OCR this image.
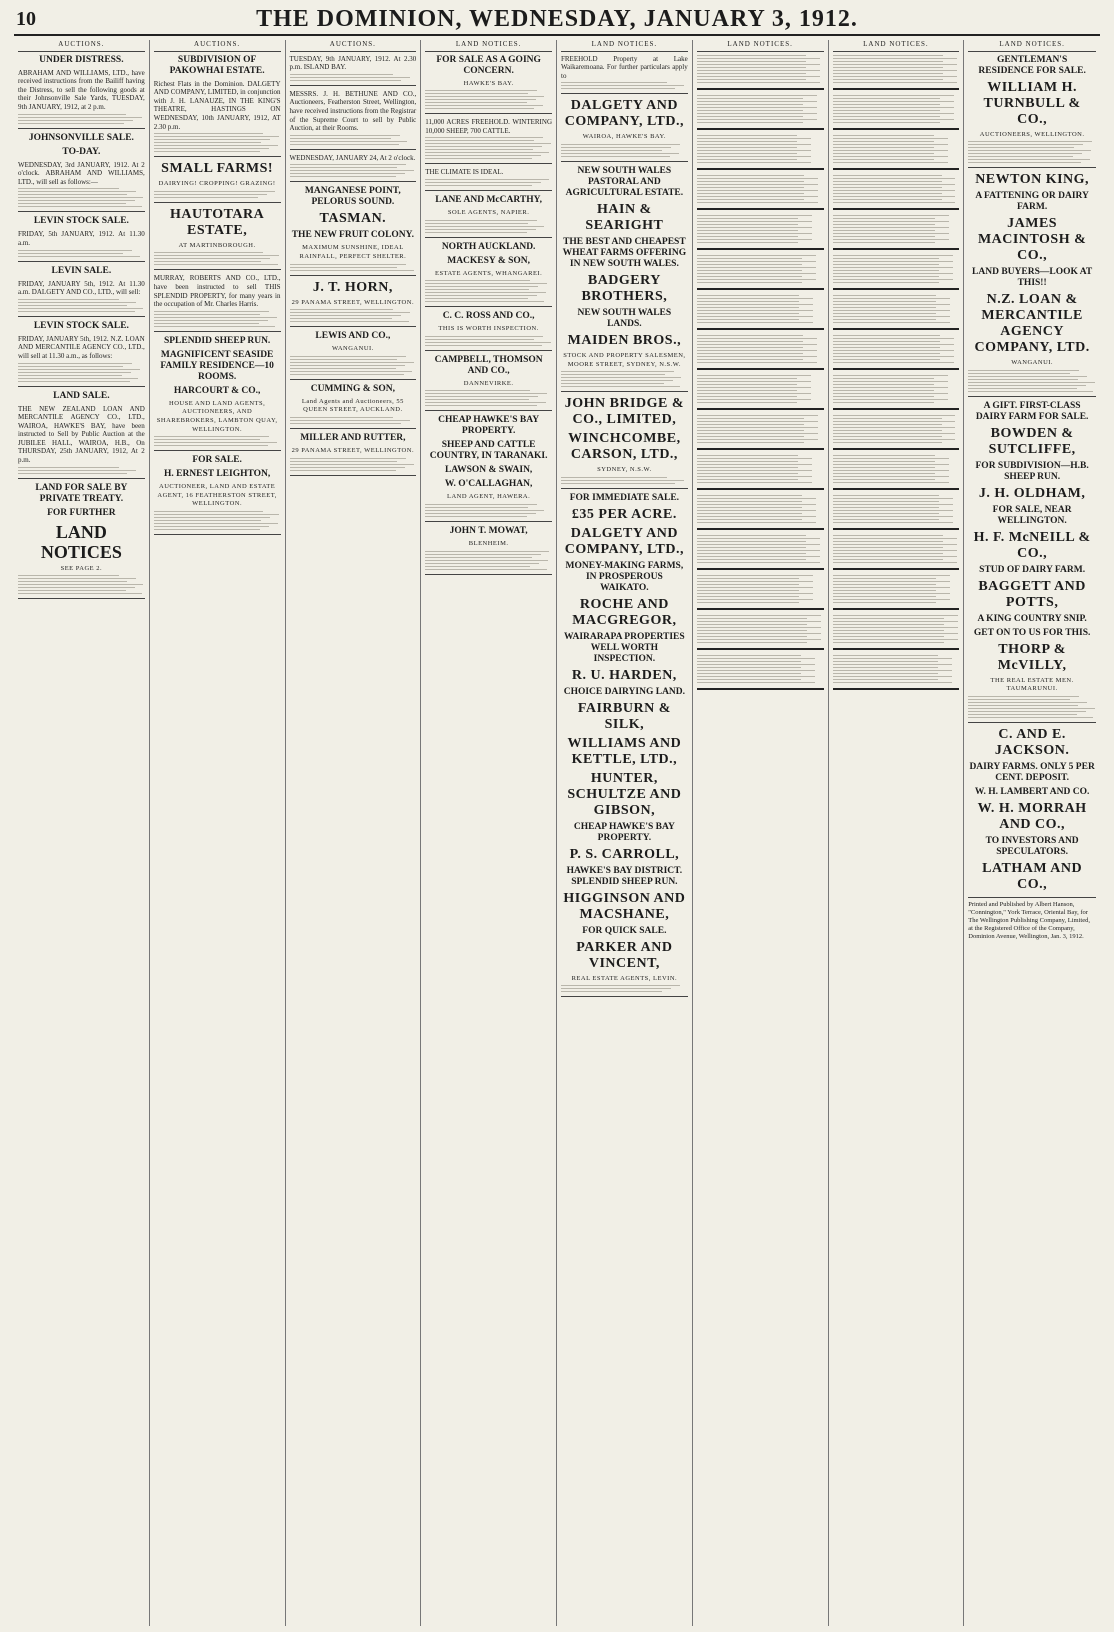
10	THE DOMINION, WEDNESDAY, JANUARY 3, 1912.
AUCTIONS.
UNDER DISTRESS.
ABRAHAM AND WILLIAMS, LTD., have received instructions from the Bailiff having the Distress, to sell the following goods at their Johnsonville Sale Yards, TUESDAY, 9th JANUARY, 1912, at 2 p.m.
JOHNSONVILLE SALE.
TO-DAY.
WEDNESDAY, 3rd JANUARY, 1912. At 2 o'clock. ABRAHAM AND WILLIAMS, LTD., will sell as follows:—
LEVIN STOCK SALE.
FRIDAY, 5th JANUARY, 1912. At 11.30 a.m.
LEVIN SALE.
FRIDAY, JANUARY 5th, 1912. At 11.30 a.m. DALGETY AND CO., LTD., will sell:
LEVIN STOCK SALE.
FRIDAY, JANUARY 5th, 1912. N.Z. LOAN AND MERCANTILE AGENCY CO., LTD., will sell at 11.30 a.m., as follows:
LAND SALE.
THE NEW ZEALAND LOAN AND MERCANTILE AGENCY CO., LTD., WAIROA, HAWKE'S BAY, have been instructed to Sell by Public Auction at the JUBILEE HALL, WAIROA, H.B., On THURSDAY, 25th JANUARY, 1912, At 2 p.m.
LAND FOR SALE BY PRIVATE TREATY.
FOR FURTHER
LAND NOTICES
SEE PAGE 2.
AUCTIONS.
SUBDIVISION OF PAKOWHAI ESTATE.
Richest Flats in the Dominion. DALGETY AND COMPANY, LIMITED, in conjunction with J. H. LANAUZE, IN THE KING'S THEATRE, HASTINGS ON WEDNESDAY, 10th JANUARY, 1912, AT 2.30 p.m.
SMALL FARMS!
DAIRYING! CROPPING! GRAZING!
HAUTOTARA ESTATE,
AT MARTINBOROUGH.
MURRAY, ROBERTS AND CO., LTD., have been instructed to sell THIS SPLENDID PROPERTY, for many years in the occupation of Mr. Charles Harris.
SPLENDID SHEEP RUN.
MAGNIFICENT SEASIDE FAMILY RESIDENCE—10 ROOMS.
HARCOURT & CO.,
HOUSE AND LAND AGENTS, AUCTIONEERS, AND SHAREBROKERS, LAMBTON QUAY, WELLINGTON.
FOR SALE.
H. ERNEST LEIGHTON,
AUCTIONEER, LAND AND ESTATE AGENT, 16 FEATHERSTON STREET, WELLINGTON.
AUCTIONS.
TUESDAY, 9th JANUARY, 1912. At 2.30 p.m. ISLAND BAY.
MESSRS. J. H. BETHUNE AND CO., Auctioneers, Featherston Street, Wellington, have received instructions from the Registrar of the Supreme Court to sell by Public Auction, at their Rooms.
WEDNESDAY, JANUARY 24, At 2 o'clock.
MANGANESE POINT, PELORUS SOUND.
TASMAN.
THE NEW FRUIT COLONY.
MAXIMUM SUNSHINE, IDEAL RAINFALL, PERFECT SHELTER.
J. T. HORN,
29 PANAMA STREET, WELLINGTON.
LEWIS AND CO.,
WANGANUI.
CUMMING & SON,
Land Agents and Auctioneers, 55 QUEEN STREET, AUCKLAND.
MILLER AND RUTTER,
29 PANAMA STREET, WELLINGTON.
LAND NOTICES.
FOR SALE AS A GOING CONCERN.
HAWKE'S BAY.
11,000 ACRES FREEHOLD. WINTERING 10,000 SHEEP, 700 CATTLE.
THE CLIMATE IS IDEAL.
LANE AND McCARTHY,
SOLE AGENTS, NAPIER.
NORTH AUCKLAND.
MACKESY & SON,
ESTATE AGENTS, WHANGAREI.
C. C. ROSS AND CO.,
THIS IS WORTH INSPECTION.
CAMPBELL, THOMSON AND CO.,
DANNEVIRKE.
CHEAP HAWKE'S BAY PROPERTY.
SHEEP AND CATTLE COUNTRY, IN TARANAKI.
LAWSON & SWAIN,
W. O'CALLAGHAN,
LAND AGENT, HAWERA.
JOHN T. MOWAT,
BLENHEIM.
LAND NOTICES.
FREEHOLD Property at Lake Waikaremoana. For further particulars apply to
DALGETY AND COMPANY, LTD.,
WAIROA, HAWKE'S BAY.
NEW SOUTH WALES PASTORAL AND AGRICULTURAL ESTATE.
HAIN & SEARIGHT
THE BEST AND CHEAPEST WHEAT FARMS OFFERING IN NEW SOUTH WALES.
BADGERY BROTHERS,
NEW SOUTH WALES LANDS.
MAIDEN BROS.,
STOCK AND PROPERTY SALESMEN, MOORE STREET, SYDNEY, N.S.W.
JOHN BRIDGE & CO., LIMITED,
WINCHCOMBE, CARSON, LTD.,
SYDNEY, N.S.W.
FOR IMMEDIATE SALE.
£35 PER ACRE.
DALGETY AND COMPANY, LTD.,
MONEY-MAKING FARMS, IN PROSPEROUS WAIKATO.
ROCHE AND MACGREGOR,
WAIRARAPA PROPERTIES WELL WORTH INSPECTION.
R. U. HARDEN,
CHOICE DAIRYING LAND.
FAIRBURN & SILK,
WILLIAMS AND KETTLE, LTD.,
HUNTER, SCHULTZE AND GIBSON,
CHEAP HAWKE'S BAY PROPERTY.
P. S. CARROLL,
HAWKE'S BAY DISTRICT. SPLENDID SHEEP RUN.
HIGGINSON AND MACSHANE,
FOR QUICK SALE.
PARKER AND VINCENT,
REAL ESTATE AGENTS, LEVIN.
LAND NOTICES.	LAND NOTICES.	LAND NOTICES.
GENTLEMAN'S RESIDENCE FOR SALE.
WILLIAM H. TURNBULL & CO.,
AUCTIONEERS, WELLINGTON.
NEWTON KING,
A FATTENING OR DAIRY FARM.
JAMES MACINTOSH & CO.,
LAND BUYERS—LOOK AT THIS!!
N.Z. LOAN & MERCANTILE AGENCY COMPANY, LTD.
WANGANUI.
A GIFT. FIRST-CLASS DAIRY FARM FOR SALE.
BOWDEN & SUTCLIFFE,
FOR SUBDIVISION—H.B. SHEEP RUN.
J. H. OLDHAM,
FOR SALE, NEAR WELLINGTON.
H. F. McNEILL & CO.,
STUD OF DAIRY FARM.
BAGGETT AND POTTS,
A KING COUNTRY SNIP.
GET ON TO US FOR THIS.
THORP & McVILLY,
THE REAL ESTATE MEN. TAUMARUNUI.
C. AND E. JACKSON.
DAIRY FARMS. ONLY 5 PER CENT. DEPOSIT.
W. H. LAMBERT AND CO.
W. H. MORRAH AND CO.,
TO INVESTORS AND SPECULATORS.
LATHAM AND CO.,
Printed and Published by Albert Hanson, "Connington," York Terrace, Oriental Bay, for The Wellington Publishing Company, Limited, at the Registered Office of the Company, Dominion Avenue, Wellington, Jan. 3, 1912.
